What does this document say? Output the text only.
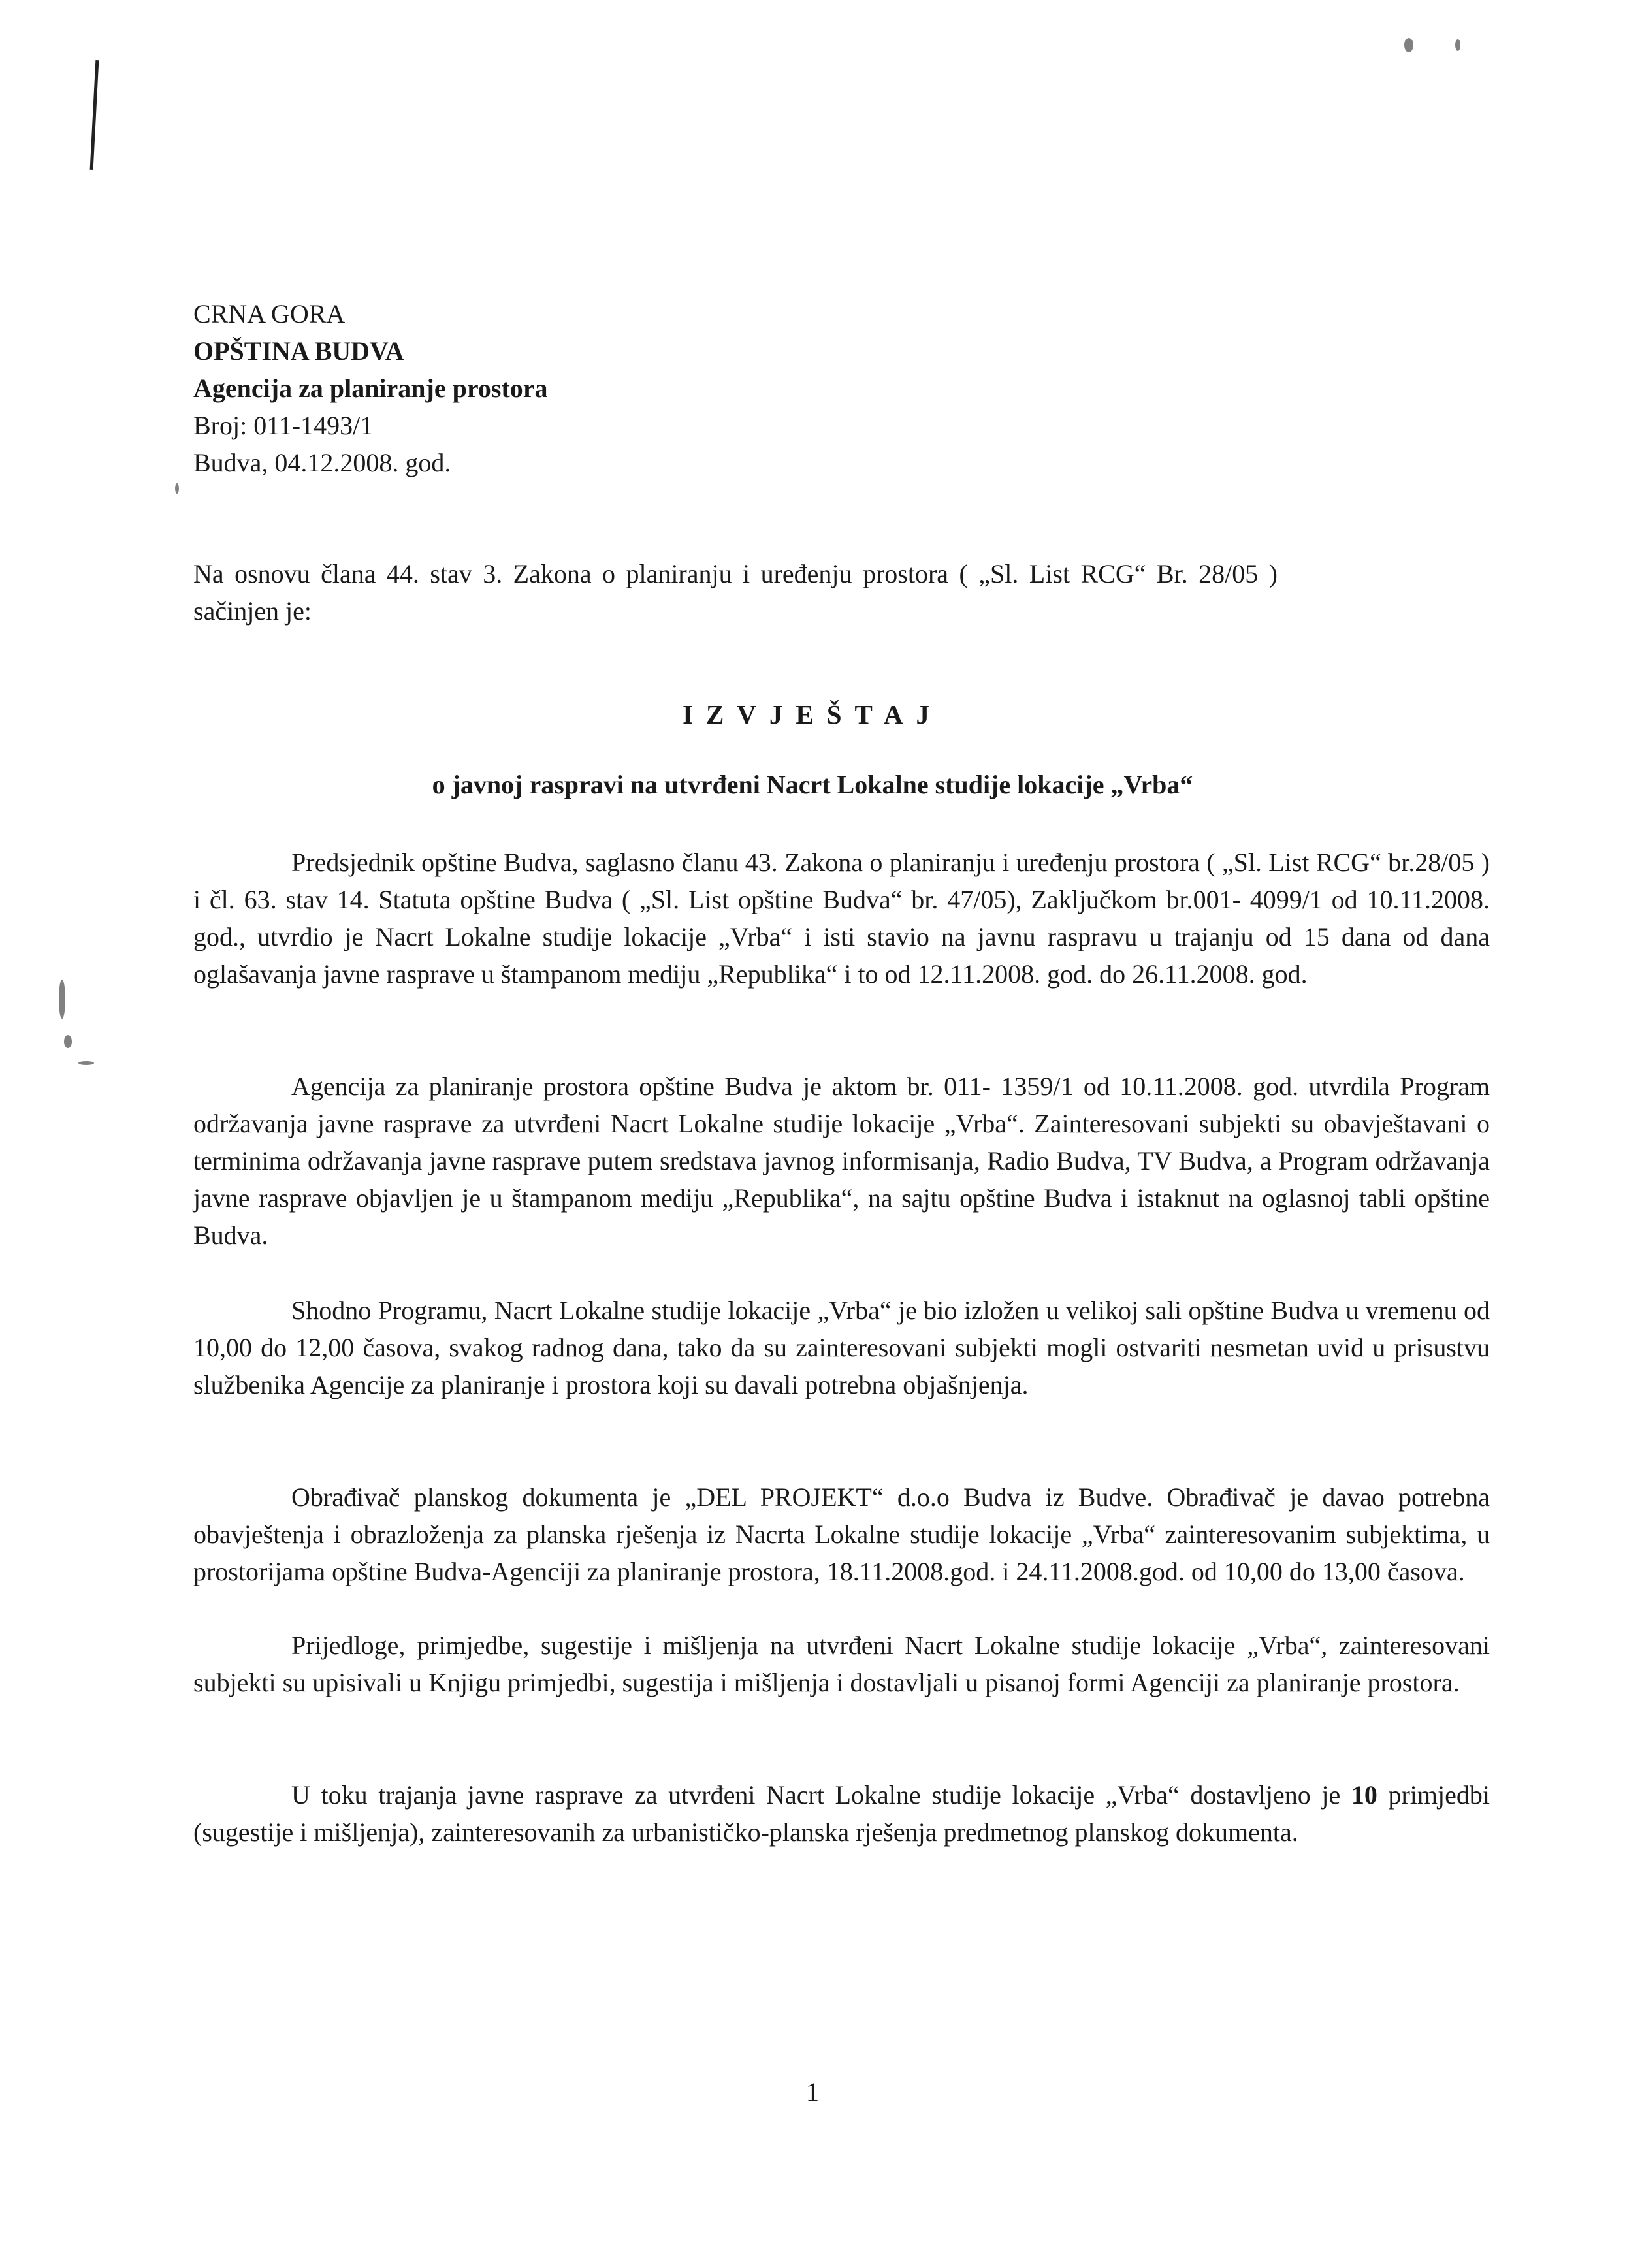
CRNA GORA
OPŠTINA BUDVA
Agencija za planiranje prostora
Broj: 011-1493/1
Budva, 04.12.2008. god.

Na osnovu člana 44. stav 3. Zakona o planiranju i uređenju prostora ( „Sl. List RCG“ Br. 28/05 ) sačinjen je:

IZVJEŠTAJ
o javnoj raspravi na utvrđeni Nacrt Lokalne studije lokacije „Vrba“

Predsjednik opštine Budva, saglasno članu 43. Zakona o planiranju i uređenju prostora ( „Sl. List RCG“ br.28/05 ) i čl. 63. stav 14. Statuta opštine Budva ( „Sl. List opštine Budva“ br. 47/05), Zaključkom br.001- 4099/1 od 10.11.2008. god., utvrdio je Nacrt Lokalne studije lokacije „Vrba“ i isti stavio na javnu raspravu u trajanju od 15 dana od dana oglašavanja javne rasprave u štampanom mediju „Republika“ i to od 12.11.2008. god. do 26.11.2008. god.

Agencija za planiranje prostora opštine Budva je aktom br. 011- 1359/1 od 10.11.2008. god. utvrdila Program održavanja javne rasprave za utvrđeni Nacrt Lokalne studije lokacije „Vrba“. Zainteresovani subjekti su obavještavani o terminima održavanja javne rasprave putem sredstava javnog informisanja, Radio Budva, TV Budva, a Program održavanja javne rasprave objavljen je u štampanom mediju „Republika“, na sajtu opštine Budva i istaknut na oglasnoj tabli opštine Budva.

Shodno Programu, Nacrt Lokalne studije lokacije „Vrba“ je bio izložen u velikoj sali opštine Budva u vremenu od 10,00 do 12,00 časova, svakog radnog dana, tako da su zainteresovani subjekti mogli ostvariti nesmetan uvid u prisustvu službenika Agencije za planiranje i prostora koji su davali potrebna objašnjenja.

Obrađivač planskog dokumenta je „DEL PROJEKT“ d.o.o Budva iz Budve. Obrađivač je davao potrebna obavještenja i obrazloženja za planska rješenja iz Nacrta Lokalne studije lokacije „Vrba“ zainteresovanim subjektima, u prostorijama opštine Budva-Agenciji za planiranje prostora, 18.11.2008.god. i 24.11.2008.god. od 10,00 do 13,00 časova.

Prijedloge, primjedbe, sugestije i mišljenja na utvrđeni Nacrt Lokalne studije lokacije „Vrba“, zainteresovani subjekti su upisivali u Knjigu primjedbi, sugestija i mišljenja i dostavljali u pisanoj formi Agenciji za planiranje prostora.

U toku trajanja javne rasprave za utvrđeni Nacrt Lokalne studije lokacije „Vrba“ dostavljeno je 10 primjedbi (sugestije i mišljenja), zainteresovanih za urbanističko-planska rješenja predmetnog planskog dokumenta.

1
